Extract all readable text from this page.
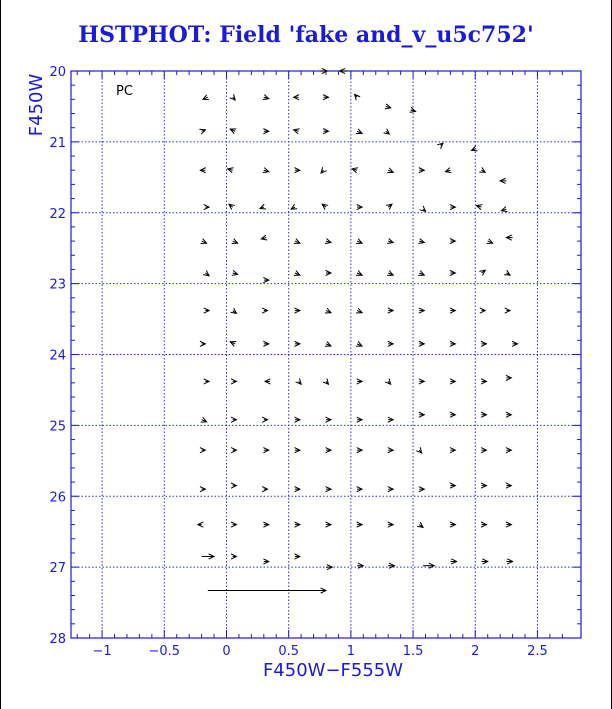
HSTPHOT: Field 'fake and_v_u5c752'
−1	−0.5	0	0.5	1	1.5	2	2.5
20
21
22
23
24
25
26
27
28
PC
F450W−F555W
F450W
